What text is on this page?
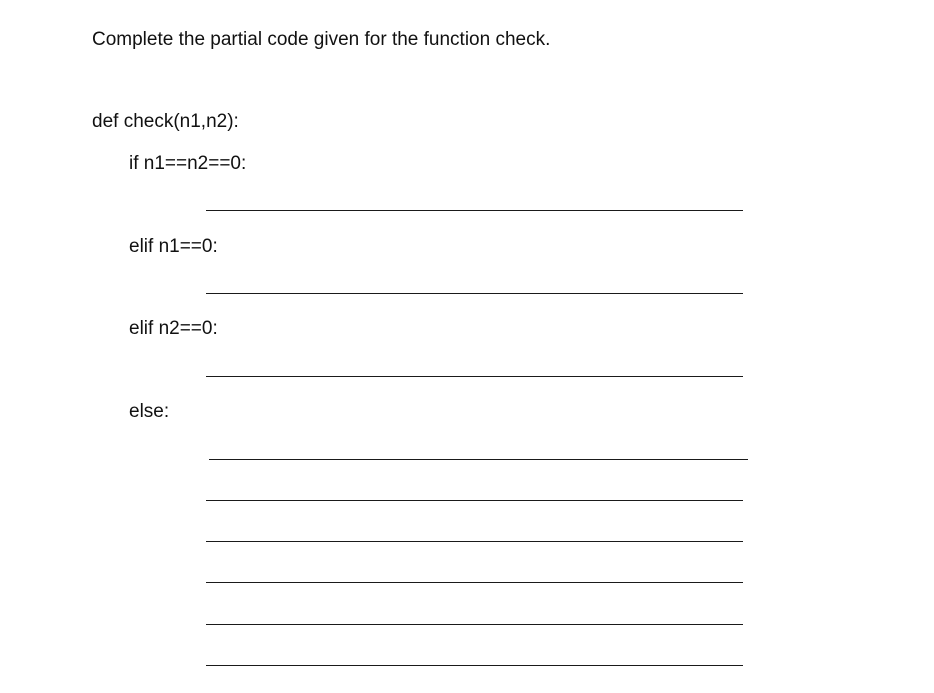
Complete the partial code given for the function check.
def check(n1,n2):
if n1==n2==0:
elif n1==0:
elif n2==0:
else:
